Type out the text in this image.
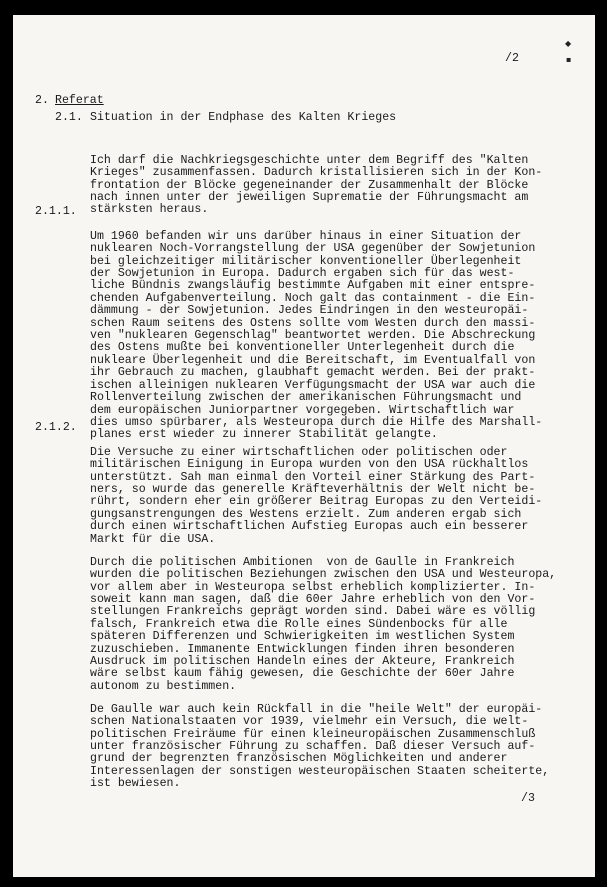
◆
▪
/2
2. Referat
2.1. Situation in der Endphase des Kalten Krieges

Ich darf die Nachkriegsgeschichte unter dem Begriff des "Kalten
Krieges" zusammenfassen. Dadurch kristallisieren sich in der Kon-
frontation der Blöcke gegeneinander der Zusammenhalt der Blöcke
nach innen unter der jeweiligen Suprematie der Führungsmacht am
stärksten heraus.

2.1.1.

Um 1960 befanden wir uns darüber hinaus in einer Situation der
nuklearen Noch-Vorrangstellung der USA gegenüber der Sowjetunion
bei gleichzeitiger militärischer konventioneller Überlegenheit
der Sowjetunion in Europa. Dadurch ergaben sich für das west-
liche Bündnis zwangsläufig bestimmte Aufgaben mit einer entspre-
chenden Aufgabenverteilung. Noch galt das containment - die Ein-
dämmung - der Sowjetunion. Jedes Eindringen in den westeuropäi-
schen Raum seitens des Ostens sollte vom Westen durch den massi-
ven "nuklearen Gegenschlag" beantwortet werden. Die Abschreckung
des Ostens mußte bei konventioneller Unterlegenheit durch die
nukleare Überlegenheit und die Bereitschaft, im Eventualfall von
ihr Gebrauch zu machen, glaubhaft gemacht werden. Bei der prakt-
ischen alleinigen nuklearen Verfügungsmacht der USA war auch die
Rollenverteilung zwischen der amerikanischen Führungsmacht und
dem europäischen Juniorpartner vorgegeben. Wirtschaftlich war
dies umso spürbarer, als Westeuropa durch die Hilfe des Marshall-
planes erst wieder zu innerer Stabilität gelangte.

2.1.2.

Die Versuche zu einer wirtschaftlichen oder politischen oder
militärischen Einigung in Europa wurden von den USA rückhaltlos
unterstützt. Sah man einmal den Vorteil einer Stärkung des Part-
ners, so wurde das generelle Kräfteverhältnis der Welt nicht be-
rührt, sondern eher ein größerer Beitrag Europas zu den Verteidi-
gungsanstrengungen des Westens erzielt. Zum anderen ergab sich
durch einen wirtschaftlichen Aufstieg Europas auch ein besserer
Markt für die USA.

Durch die politischen Ambitionen  von de Gaulle in Frankreich
wurden die politischen Beziehungen zwischen den USA und Westeuropa,
vor allem aber in Westeuropa selbst erheblich komplizierter. In-
soweit kann man sagen, daß die 60er Jahre erheblich von den Vor-
stellungen Frankreichs geprägt worden sind. Dabei wäre es völlig
falsch, Frankreich etwa die Rolle eines Sündenbocks für alle
späteren Differenzen und Schwierigkeiten im westlichen System
zuzuschieben. Immanente Entwicklungen finden ihren besonderen
Ausdruck im politischen Handeln eines der Akteure, Frankreich
wäre selbst kaum fähig gewesen, die Geschichte der 60er Jahre
autonom zu bestimmen.

De Gaulle war auch kein Rückfall in die "heile Welt" der europäi-
schen Nationalstaaten vor 1939, vielmehr ein Versuch, die welt-
politischen Freiräume für einen kleineuropäischen Zusammenschluß
unter französischer Führung zu schaffen. Daß dieser Versuch auf-
grund der begrenzten französischen Möglichkeiten und anderer
Interessenlagen der sonstigen westeuropäischen Staaten scheiterte,
ist bewiesen.

/3
